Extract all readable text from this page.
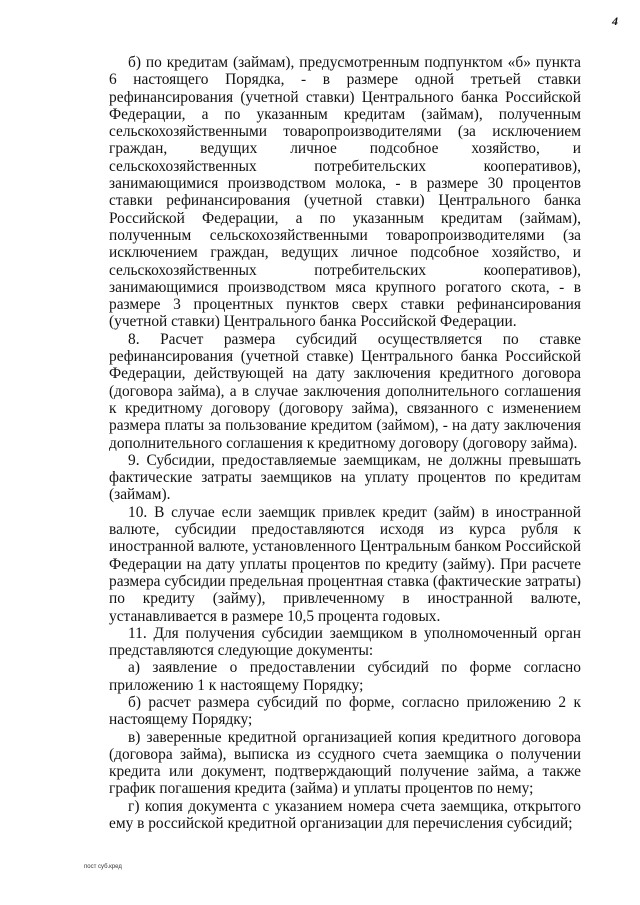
4

б) по кредитам (займам), предусмотренным подпунктом «б» пункта 6 настоящего Порядка, - в размере одной третьей ставки рефинансирования (учетной ставки) Центрального банка Российской Федерации, а по указанным кредитам (займам), полученным сельскохозяйственными товаропроизводителями (за исключением граждан, ведущих личное подсобное хозяйство, и сельскохозяйственных потребительских кооперативов), занимающимися производством молока, - в размере 30 процентов ставки рефинансирования (учетной ставки) Центрального банка Российской Федерации, а по указанным кредитам (займам), полученным сельскохозяйственными товаропроизводителями (за исключением граждан, ведущих личное подсобное хозяйство, и сельскохозяйственных потребительских кооперативов), занимающимися производством мяса крупного рогатого скота, - в размере 3 процентных пунктов сверх ставки рефинансирования (учетной ставки) Центрального банка Российской Федерации.

8. Расчет размера субсидий осуществляется по ставке рефинансирования (учетной ставке) Центрального банка Российской Федерации, действующей на дату заключения кредитного договора (договора займа), а в случае заключения дополнительного соглашения к кредитному договору (договору займа), связанного с изменением размера платы за пользование кредитом (займом), - на дату заключения дополнительного соглашения к кредитному договору (договору займа).

9. Субсидии, предоставляемые заемщикам, не должны превышать фактические затраты заемщиков на уплату процентов по кредитам (займам).

10. В случае если заемщик привлек кредит (займ) в иностранной валюте, субсидии предоставляются исходя из курса рубля к иностранной валюте, установленного Центральным банком Российской Федерации на дату уплаты процентов по кредиту (займу). При расчете размера субсидии предельная процентная ставка (фактические затраты) по кредиту (займу), привлеченному в иностранной валюте, устанавливается в размере 10,5 процента годовых.

11. Для получения субсидии заемщиком в уполномоченный орган представляются следующие документы:

а) заявление о предоставлении субсидий по форме согласно приложению 1 к настоящему Порядку;

б) расчет размера субсидий по форме, согласно приложению 2 к настоящему Порядку;

в) заверенные кредитной организацией копия кредитного договора (договора займа), выписка из ссудного счета заемщика о получении кредита или документ, подтверждающий получение займа, а также график погашения кредита (займа) и уплаты процентов по нему;

г) копия документа с указанием номера счета заемщика, открытого ему в российской кредитной организации для перечисления субсидий;

пост суб.кред
